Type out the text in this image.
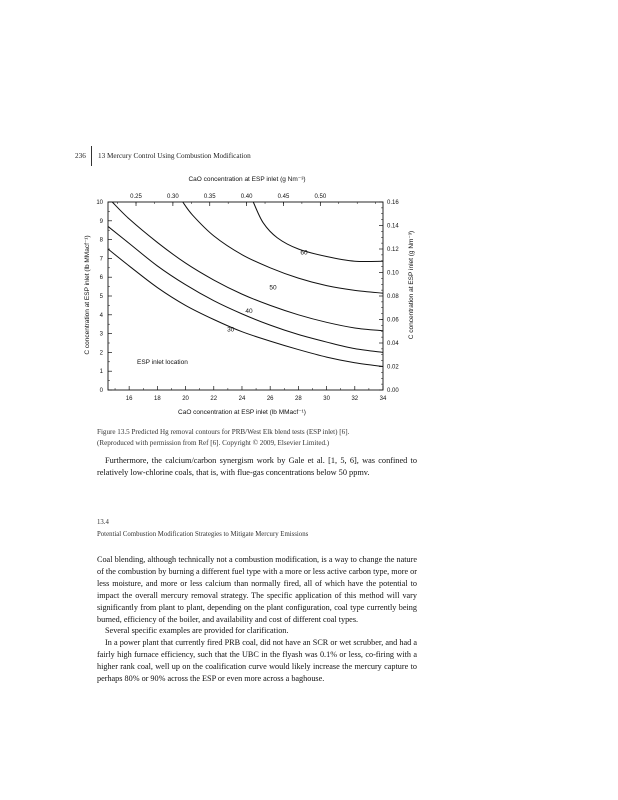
236 13 Mercury Control Using Combustion Modification
30
40
50
60
16	18	20	22	24	26	28	30	32	34
0.25	0.30	0.35	0.40	0.45	0.50
0
1
2
3
4
5
6
7
8
9
10
0.00
0.02
0.04
0.06
0.08
0.10
0.12
0.14
0.16
CaO concentration at ESP inlet (g Nm⁻³)
CaO concentration at ESP inlet (lb MMacf⁻¹)
C concentration at ESP inlet (lb MMacf⁻¹)	C concentration at ESP inlet (g Nm⁻³)
ESP inlet location

Figure 13.5 Predicted Hg removal contours for PRB/West Elk blend tests (ESP inlet) [6].

(Reproduced with permission from Ref [6]. Copyright © 2009, Elsevier Limited.)

Furthermore, the calcium/carbon synergism work by Gale et al. [1, 5, 6], was confined to relatively low-chlorine coals, that is, with flue-gas concentrations below 50 ppmv.

13.4
Potential Combustion Modification Strategies to Mitigate Mercury Emissions

Coal blending, although technically not a combustion modification, is a way to change the nature of the combustion by burning a different fuel type with a more or less active carbon type, more or less moisture, and more or less calcium than normally fired, all of which have the potential to impact the overall mercury removal strategy. The specific application of this method will vary significantly from plant to plant, depending on the plant configuration, coal type currently being burned, efficiency of the boiler, and availability and cost of different coal types.

Several specific examples are provided for clarification.

In a power plant that currently fired PRB coal, did not have an SCR or wet scrubber, and had a fairly high furnace efficiency, such that the UBC in the flyash was 0.1% or less, co-firing with a higher rank coal, well up on the coalification curve would likely increase the mercury capture to perhaps 80% or 90% across the ESP or even more across a baghouse.
